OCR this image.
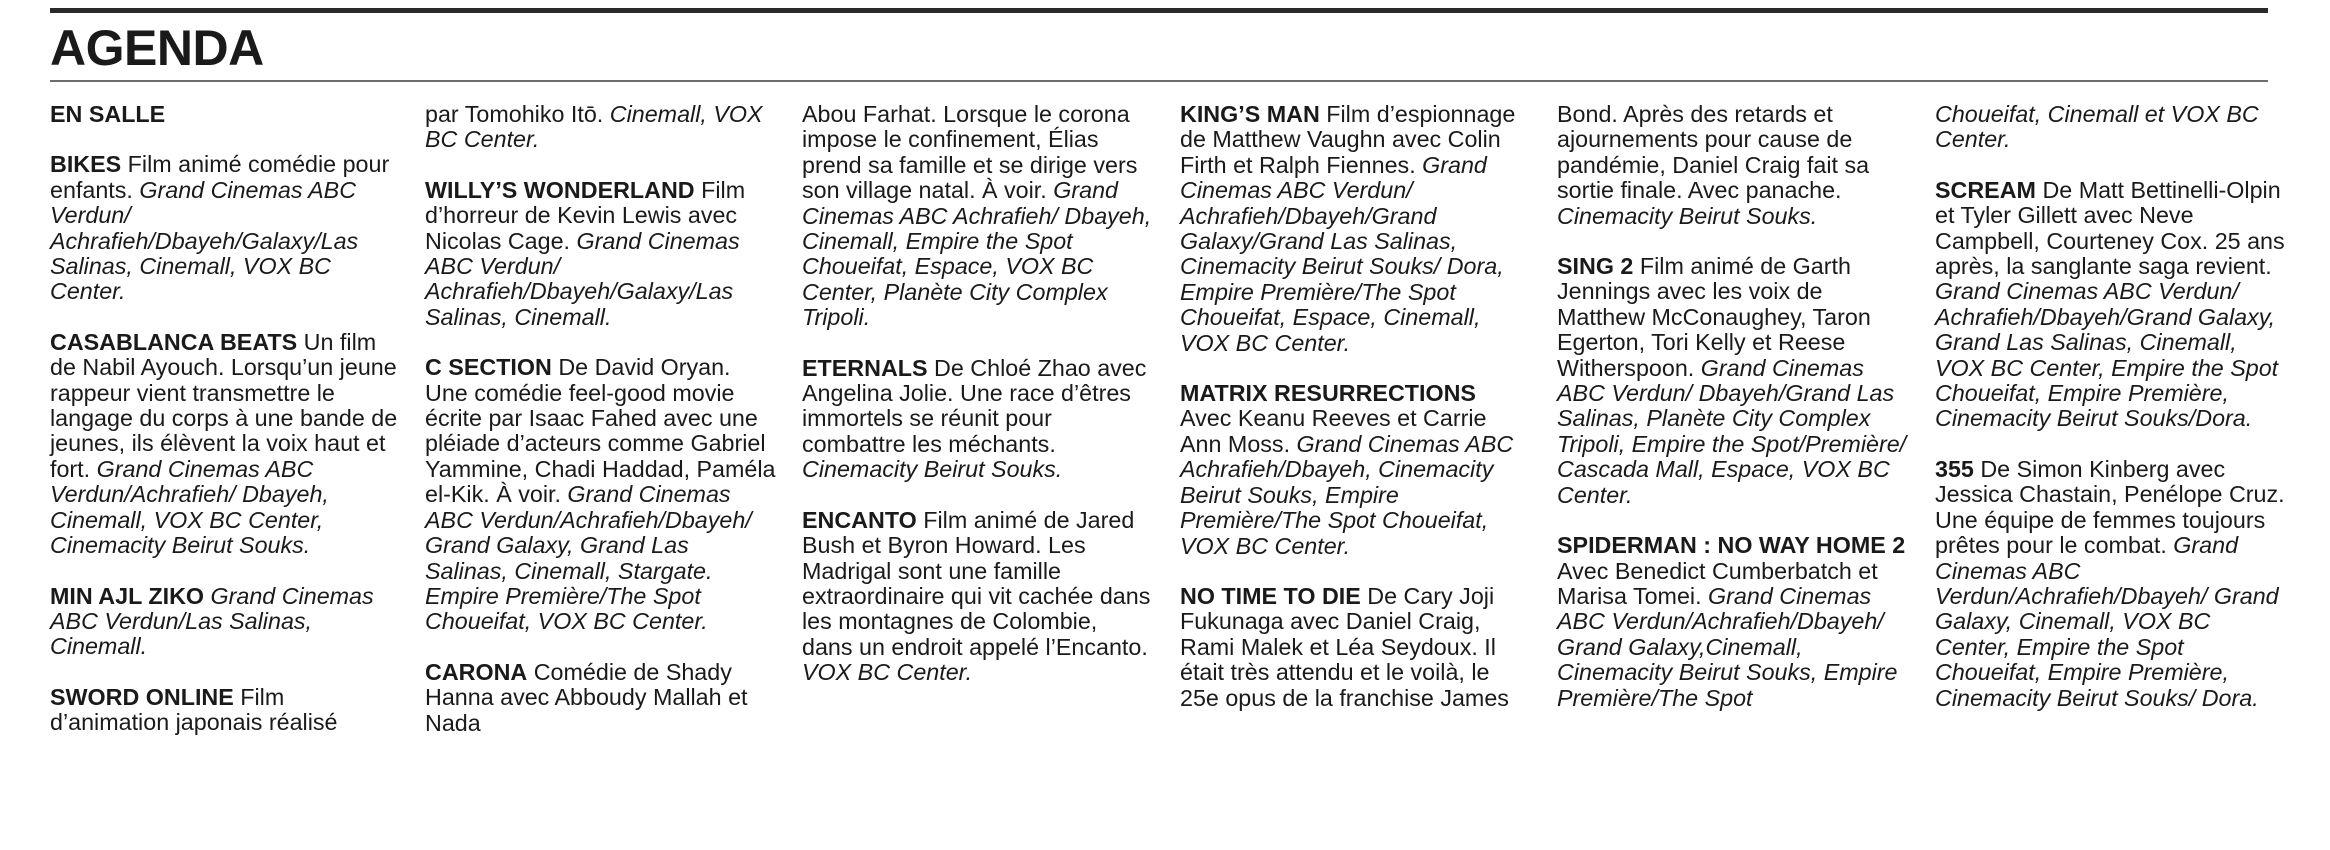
AGENDA
EN SALLE

BIKES Film animé comédie pour enfants. Grand Cinemas ABC Verdun/ Achrafieh/Dbayeh/Galaxy/Las Salinas, Cinemall, VOX BC Center.

CASABLANCA BEATS Un film de Nabil Ayouch. Lorsqu’un jeune rappeur vient transmettre le langage du corps à une bande de jeunes, ils élèvent la voix haut et fort. Grand Cinemas ABC Verdun/Achrafieh/ Dbayeh, Cinemall, VOX BC Center, Cinemacity Beirut Souks.

MIN AJL ZIKO Grand Cinemas ABC Verdun/Las Salinas, Cinemall.

SWORD ONLINE Film d’animation japonais réalisé

par Tomohiko Itō. Cinemall, VOX BC Center.

WILLY’S WONDERLAND Film d’horreur de Kevin Lewis avec Nicolas Cage. Grand Cinemas ABC Verdun/ Achrafieh/Dbayeh/Galaxy/Las Salinas, Cinemall.

C SECTION De David Oryan. Une comédie feel-good movie écrite par Isaac Fahed avec une pléiade d’acteurs comme Gabriel Yammine, Chadi Haddad, Paméla el-Kik. À voir. Grand Cinemas ABC Verdun/Achrafieh/Dbayeh/ Grand Galaxy, Grand Las Salinas, Cinemall, Stargate. Empire Première/The Spot Choueifat, VOX BC Center.

CARONA Comédie de Shady Hanna avec Abboudy Mallah et Nada

Abou Farhat. Lorsque le corona impose le confinement, Élias prend sa famille et se dirige vers son village natal. À voir. Grand Cinemas ABC Achrafieh/ Dbayeh, Cinemall, Empire the Spot Choueifat, Espace, VOX BC Center, Planète City Complex Tripoli.

ETERNALS De Chloé Zhao avec Angelina Jolie. Une race d’êtres immortels se réunit pour combattre les méchants. Cinemacity Beirut Souks.

ENCANTO Film animé de Jared Bush et Byron Howard. Les Madrigal sont une famille extraordinaire qui vit cachée dans les montagnes de Colombie, dans un endroit appelé l’Encanto. VOX BC Center.

KING’S MAN Film d’espionnage de Matthew Vaughn avec Colin Firth et Ralph Fiennes. Grand Cinemas ABC Verdun/ Achrafieh/Dbayeh/Grand Galaxy/Grand Las Salinas, Cinemacity Beirut Souks/ Dora, Empire Première/The Spot Choueifat, Espace, Cinemall, VOX BC Center.

MATRIX RESURRECTIONS Avec Keanu Reeves et Carrie Ann Moss. Grand Cinemas ABC Achrafieh/Dbayeh, Cinemacity Beirut Souks, Empire Première/The Spot Choueifat, VOX BC Center.

NO TIME TO DIE De Cary Joji Fukunaga avec Daniel Craig, Rami Malek et Léa Seydoux. Il était très attendu et le voilà, le 25e opus de la franchise James

Bond. Après des retards et ajournements pour cause de pandémie, Daniel Craig fait sa sortie finale. Avec panache. Cinemacity Beirut Souks.

SING 2 Film animé de Garth Jennings avec les voix de Matthew McConaughey, Taron Egerton, Tori Kelly et Reese Witherspoon. Grand Cinemas ABC Verdun/ Dbayeh/Grand Las Salinas, Planète City Complex Tripoli, Empire the Spot/Première/ Cascada Mall, Espace, VOX BC Center.

SPIDERMAN : NO WAY HOME 2 Avec Benedict Cumberbatch et Marisa Tomei. Grand Cinemas ABC Verdun/Achrafieh/Dbayeh/ Grand Galaxy,Cinemall, Cinemacity Beirut Souks, Empire Première/The Spot

Choueifat, Cinemall et VOX BC Center.

SCREAM De Matt Bettinelli-Olpin et Tyler Gillett avec Neve Campbell, Courteney Cox. 25 ans après, la sanglante saga revient. Grand Cinemas ABC Verdun/ Achrafieh/Dbayeh/Grand Galaxy, Grand Las Salinas, Cinemall, VOX BC Center, Empire the Spot Choueifat, Empire Première, Cinemacity Beirut Souks/Dora.

355 De Simon Kinberg avec Jessica Chastain, Penélope Cruz. Une équipe de femmes toujours prêtes pour le combat. Grand Cinemas ABC Verdun/Achrafieh/Dbayeh/ Grand Galaxy, Cinemall, VOX BC Center, Empire the Spot Choueifat, Empire Première, Cinemacity Beirut Souks/ Dora.
